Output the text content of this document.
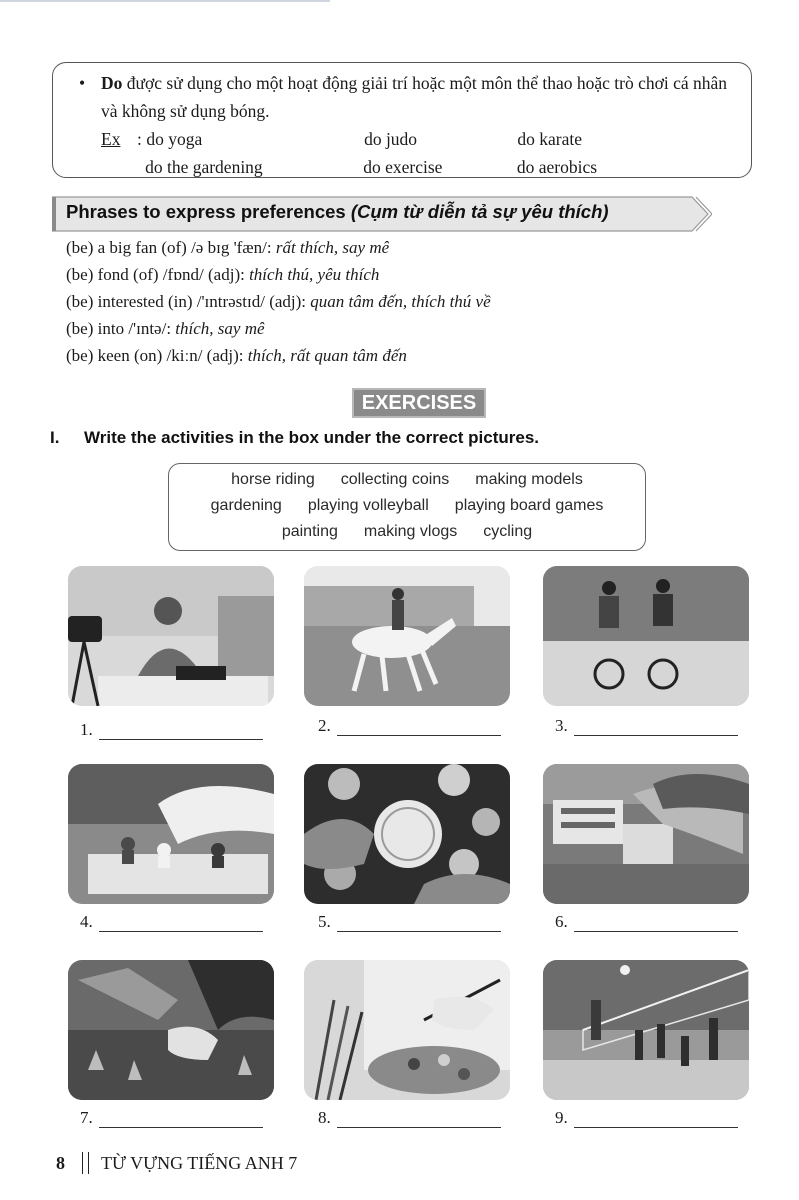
• Do được sử dụng cho một hoạt động giải trí hoặc một môn thể thao hoặc trò chơi cá nhân và không sử dụng bóng.
Ex : do yoga	do judo	do karate
do the gardening	do exercise	do aerobics
Phrases to express preferences (Cụm từ diễn tả sự yêu thích)
(be) a big fan (of) /ə bɪg 'fæn/: rất thích, say mê
(be) fond (of) /fɒnd/ (adj): thích thú, yêu thích
(be) interested (in) /'ɪntrəstɪd/ (adj): quan tâm đến, thích thú về
(be) into /'ɪntə/: thích, say mê
(be) keen (on) /kiːn/ (adj): thích, rất quan tâm đến
EXERCISES
I. Write the activities in the box under the correct pictures.
horse riding collecting coins making models
gardening playing volleyball playing board games
painting making vlogs cycling
1.	2.	3.
4.	5.	6.
7.	8.	9.
8	TỪ VỰNG TIẾNG ANH 7
